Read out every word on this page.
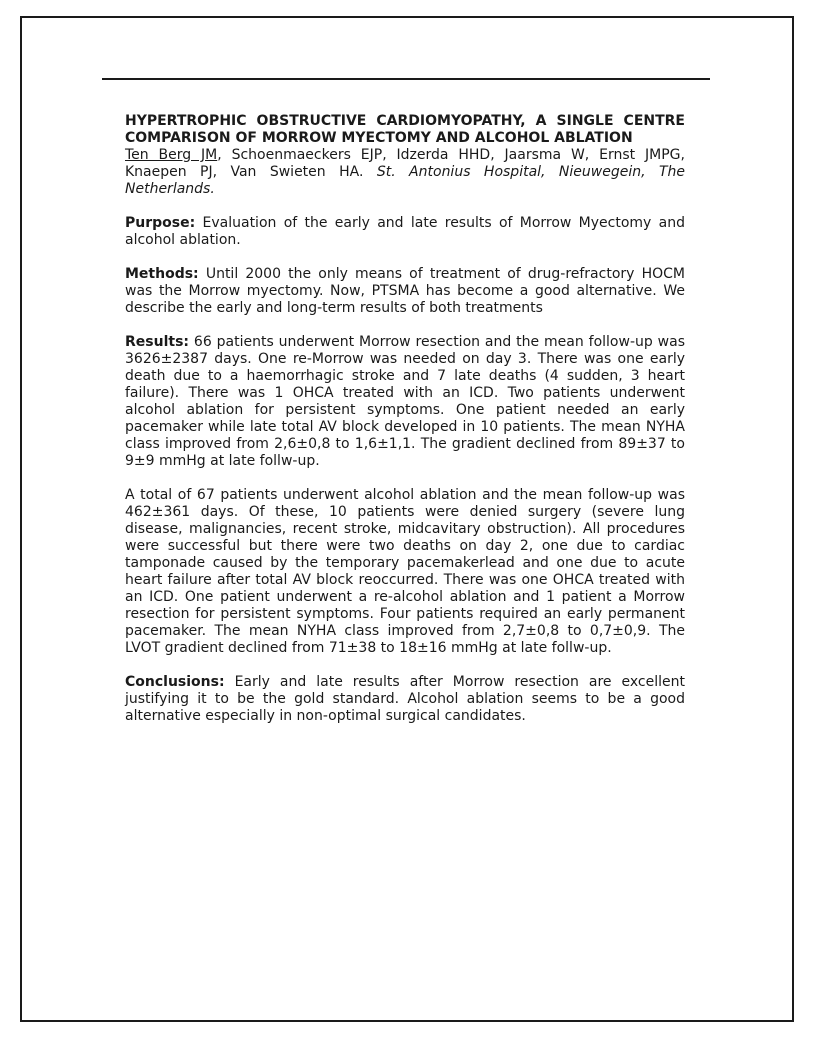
HYPERTROPHIC OBSTRUCTIVE CARDIOMYOPATHY, A SINGLE CENTRE COMPARISON OF MORROW MYECTOMY AND ALCOHOL ABLATION

Ten Berg JM, Schoenmaeckers EJP, Idzerda HHD, Jaarsma W, Ernst JMPG, Knaepen PJ, Van Swieten HA. St. Antonius Hospital, Nieuwegein, The Netherlands.

Purpose: Evaluation of the early and late results of Morrow Myectomy and alcohol ablation.

Methods: Until 2000 the only means of treatment of drug-refractory HOCM was the Morrow myectomy. Now, PTSMA has become a good alternative. We describe the early and long-term results of both treatments

Results: 66 patients underwent Morrow resection and the mean follow-up was 3626±2387 days. One re-Morrow was needed on day 3. There was one early death due to a haemorrhagic stroke and 7 late deaths (4 sudden, 3 heart failure). There was 1 OHCA treated with an ICD. Two patients underwent alcohol ablation for persistent symptoms. One patient needed an early pacemaker while late total AV block developed in 10 patients. The mean NYHA class improved from 2,6±0,8 to 1,6±1,1. The gradient declined from 89±37 to 9±9 mmHg at late follw-up.

A total of 67 patients underwent alcohol ablation and the mean follow-up was 462±361 days. Of these, 10 patients were denied surgery (severe lung disease, malignancies, recent stroke, midcavitary obstruction). All procedures were successful but there were two deaths on day 2, one due to cardiac tamponade caused by the temporary pacemakerlead and one due to acute heart failure after total AV block reoccurred. There was one OHCA treated with an ICD. One patient underwent a re-alcohol ablation and 1 patient a Morrow resection for persistent symptoms. Four patients required an early permanent pacemaker. The mean NYHA class improved from 2,7±0,8 to 0,7±0,9. The LVOT gradient declined from 71±38 to 18±16 mmHg at late follw-up.

Conclusions: Early and late results after Morrow resection are excellent justifying it to be the gold standard. Alcohol ablation seems to be a good alternative especially in non-optimal surgical candidates.
